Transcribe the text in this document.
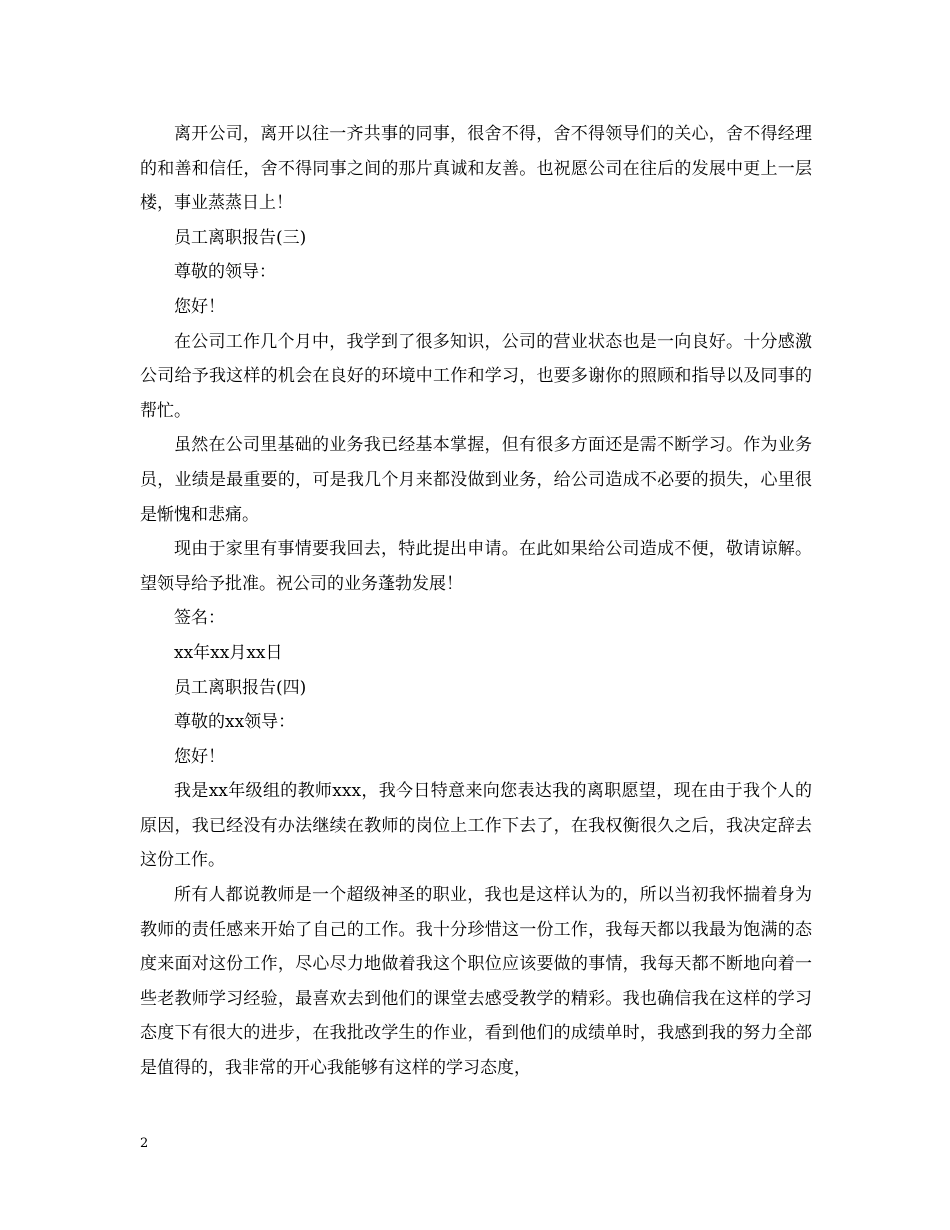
离开公司，离开以往一齐共事的同事，很舍不得，舍不得领导们的关心，舍不得经理的和善和信任，舍不得同事之间的那片真诚和友善。也祝愿公司在往后的发展中更上一层楼，事业蒸蒸日上！

员工离职报告(三)

尊敬的领导：

您好！

在公司工作几个月中，我学到了很多知识，公司的营业状态也是一向良好。十分感激公司给予我这样的机会在良好的环境中工作和学习，也要多谢你的照顾和指导以及同事的帮忙。

虽然在公司里基础的业务我已经基本掌握，但有很多方面还是需不断学习。作为业务员，业绩是最重要的，可是我几个月来都没做到业务，给公司造成不必要的损失，心里很是惭愧和悲痛。

现由于家里有事情要我回去，特此提出申请。在此如果给公司造成不便，敬请谅解。望领导给予批准。祝公司的业务蓬勃发展！

签名：

xx年xx月xx日

员工离职报告(四)

尊敬的xx领导：

您好！

我是xx年级组的教师xxx，我今日特意来向您表达我的离职愿望，现在由于我个人的原因，我已经没有办法继续在教师的岗位上工作下去了，在我权衡很久之后，我决定辞去这份工作。

所有人都说教师是一个超级神圣的职业，我也是这样认为的，所以当初我怀揣着身为教师的责任感来开始了自己的工作。我十分珍惜这一份工作，我每天都以我最为饱满的态度来面对这份工作，尽心尽力地做着我这个职位应该要做的事情，我每天都不断地向着一些老教师学习经验，最喜欢去到他们的课堂去感受教学的精彩。我也确信我在这样的学习态度下有很大的进步，在我批改学生的作业，看到他们的成绩单时，我感到我的努力全部是值得的，我非常的开心我能够有这样的学习态度，

2
